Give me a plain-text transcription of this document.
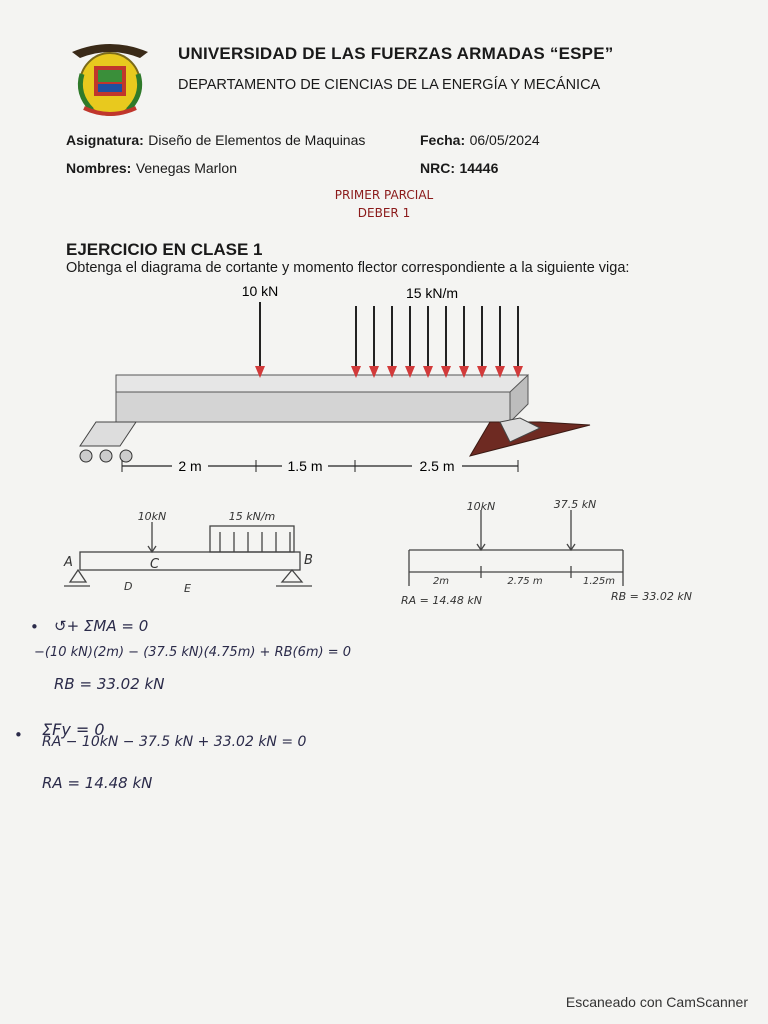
UNIVERSIDAD DE LAS FUERZAS ARMADAS “ESPE”
DEPARTAMENTO DE CIENCIAS DE LA ENERGÍA Y MECÁNICA
Asignatura: Diseño de Elementos de Maquinas	Fecha: 06/05/2024
Nombres: Venegas Marlon	NRC: 14446
PRIMER PARCIAL
DEBER 1
EJERCICIO EN CLASE 1
Obtenga el diagrama de cortante y momento flector correspondiente a la siguiente viga:
10 kN	15 kN/m
2 m	1.5 m	2.5 m
10kN	15 kN/m
A	C	B
D	E
10kN	37.5 kN
2m	2.75 m	1.25m
RA = 14.48 kN	RB = 33.02 kN
• ↺+ ΣMA = 0
−(10 kN)(2m) − (37.5 kN)(4.75m) + RB(6m) = 0
RB = 33.02 kN
• ΣFy = 0
RA − 10kN − 37.5 kN + 33.02 kN = 0
RA = 14.48 kN
Escaneado con CamScanner
